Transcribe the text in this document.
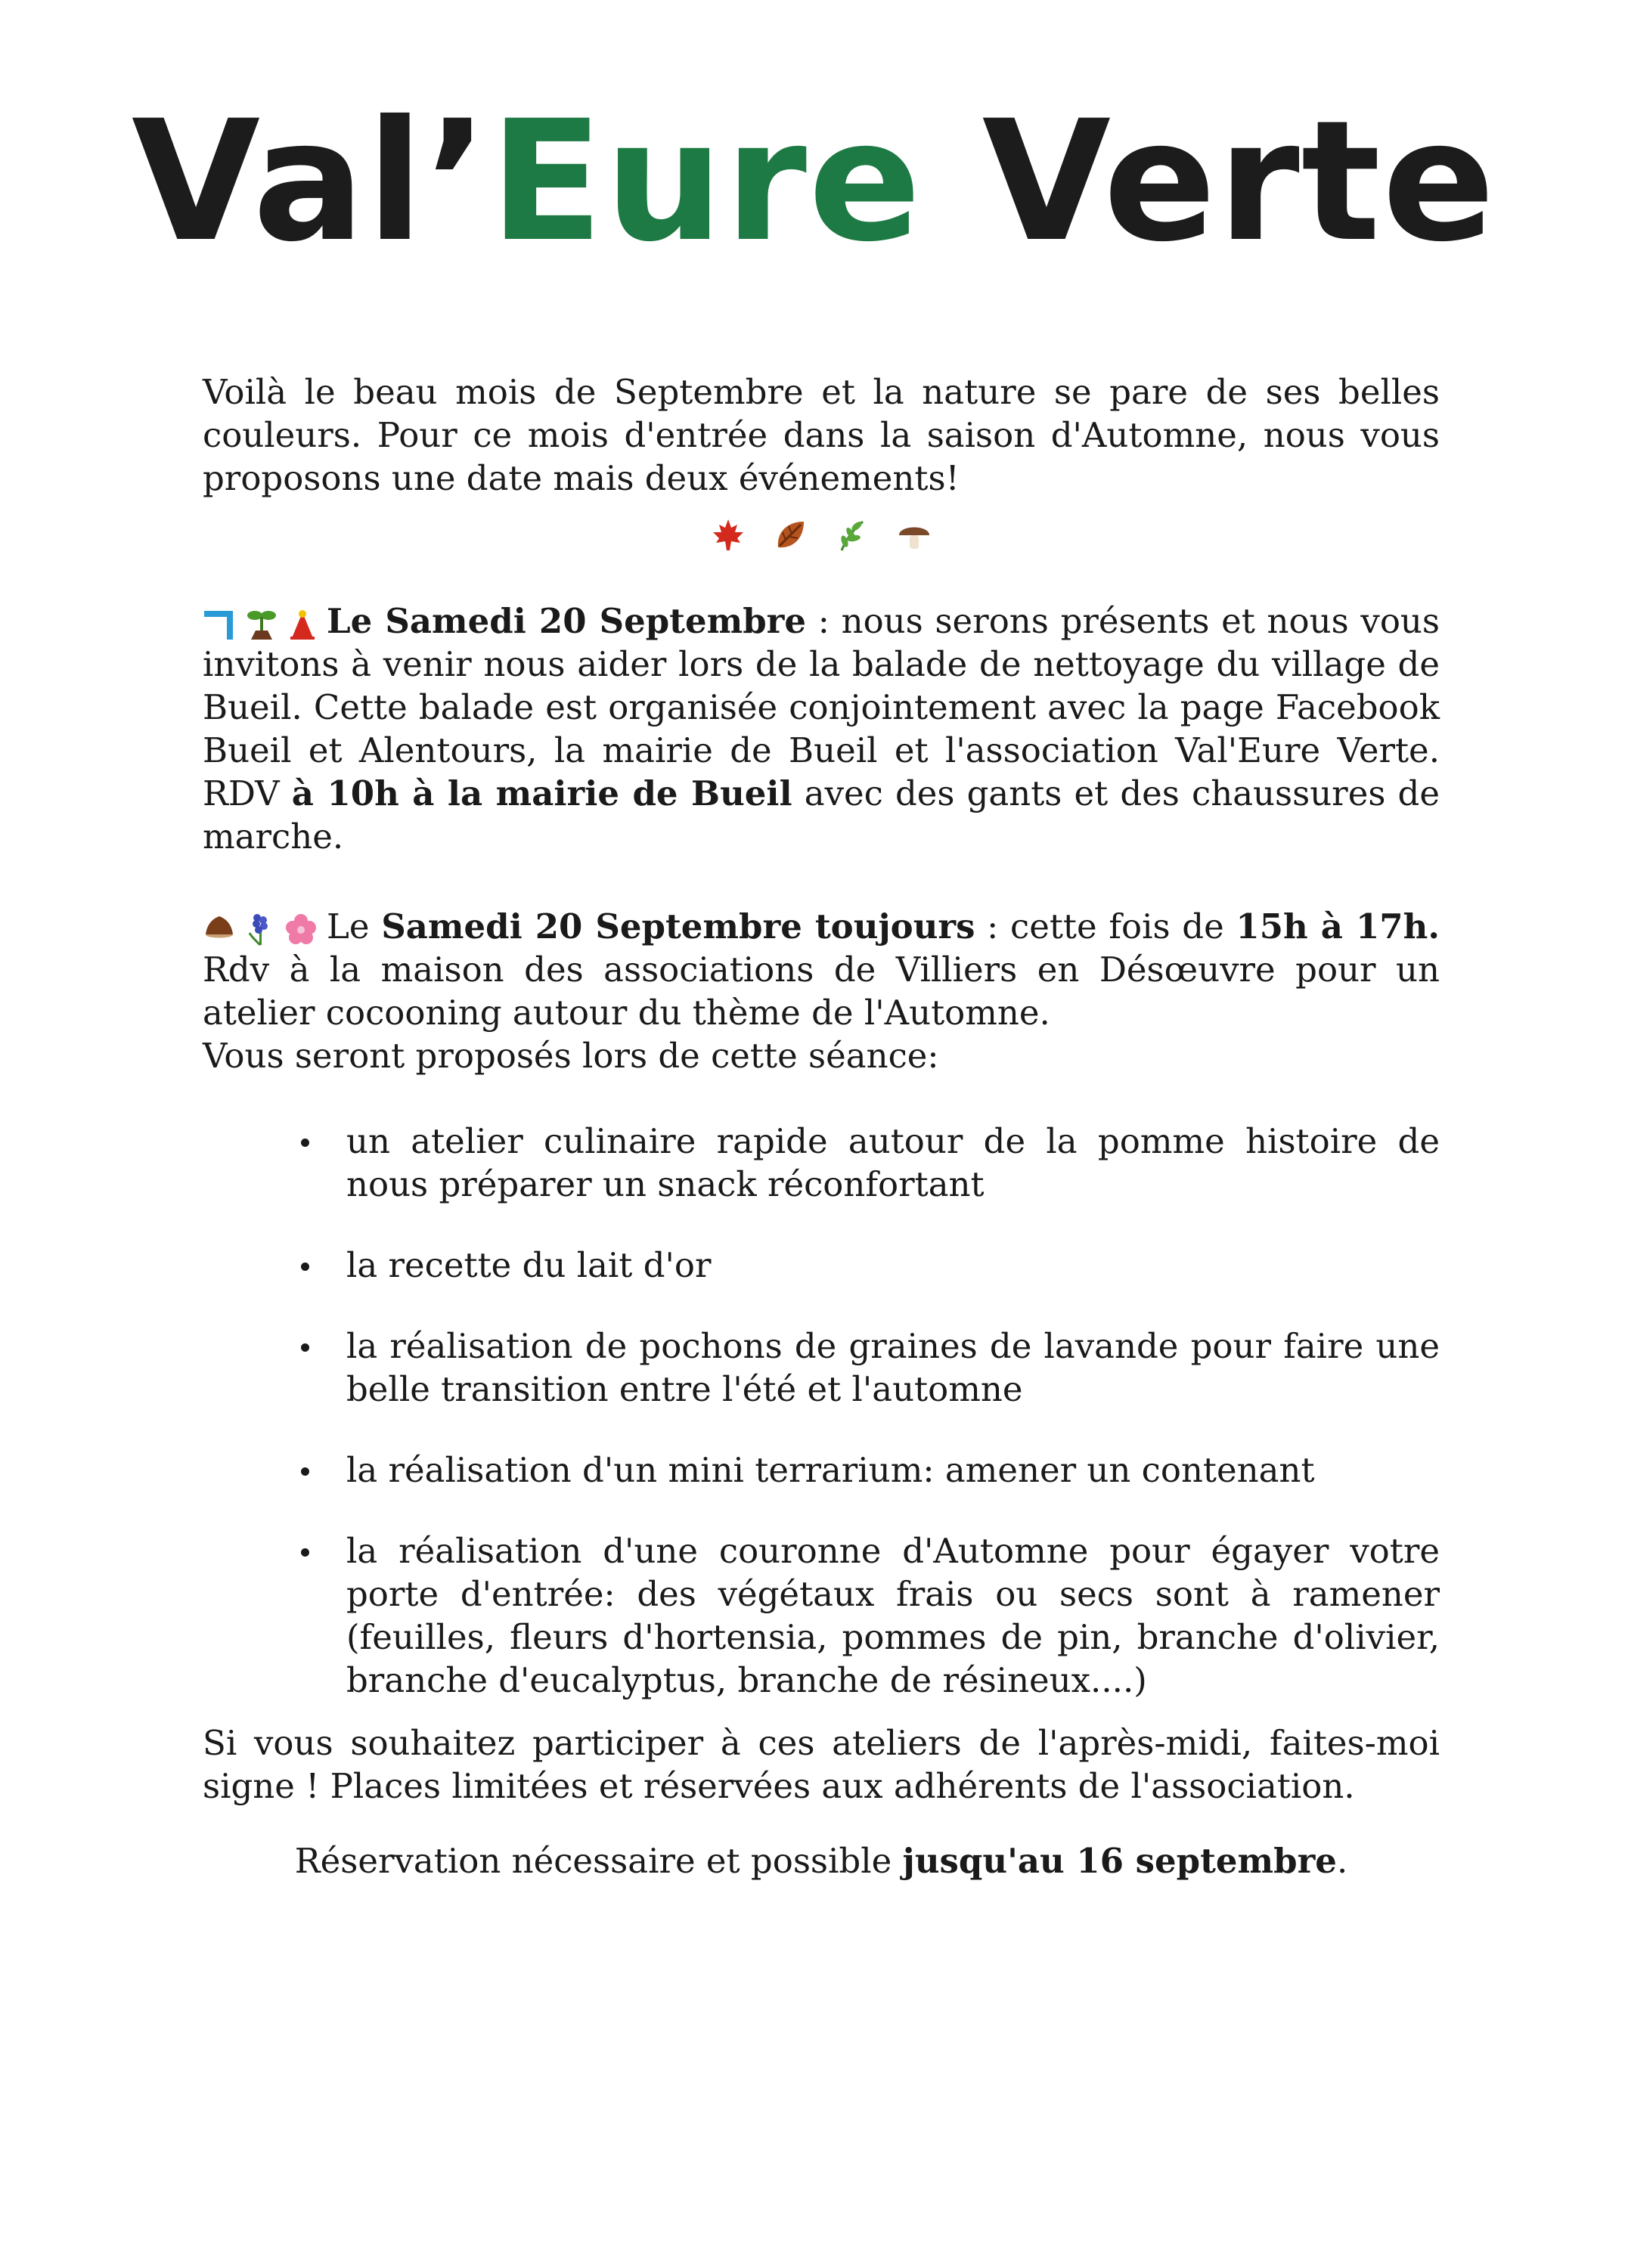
Val’Eure Verte

Voilà le beau mois de Septembre et la nature se pare de ses belles couleurs. Pour ce mois d'entrée dans la saison d'Automne, nous vous proposons une date mais deux événements!

Le Samedi 20 Septembre : nous serons présents et nous vous invitons à venir nous aider lors de la balade de nettoyage du village de Bueil. Cette balade est organisée conjointement avec la page Facebook Bueil et Alentours, la mairie de Bueil et l'association Val'Eure Verte. RDV à 10h à la mairie de Bueil avec des gants et des chaussures de marche.

Le Samedi 20 Septembre toujours : cette fois de 15h à 17h. Rdv à la maison des associations de Villiers en Désœuvre pour un atelier cocooning autour du thème de l'Automne.

Vous seront proposés lors de cette séance:

un atelier culinaire rapide autour de la pomme histoire de nous préparer un snack réconfortant
la recette du lait d'or
la réalisation de pochons de graines de lavande pour faire une belle transition entre l'été et l'automne
la réalisation d'un mini terrarium: amener un contenant
la réalisation d'une couronne d'Automne pour égayer votre porte d'entrée: des végétaux frais ou secs sont à ramener (feuilles, fleurs d'hortensia, pommes de pin, branche d'olivier, branche d'eucalyptus, branche de résineux....)

Si vous souhaitez participer à ces ateliers de l'après-midi, faites-moi signe ! Places limitées et réservées aux adhérents de l'association.

Réservation nécessaire et possible jusqu'au 16 septembre.
